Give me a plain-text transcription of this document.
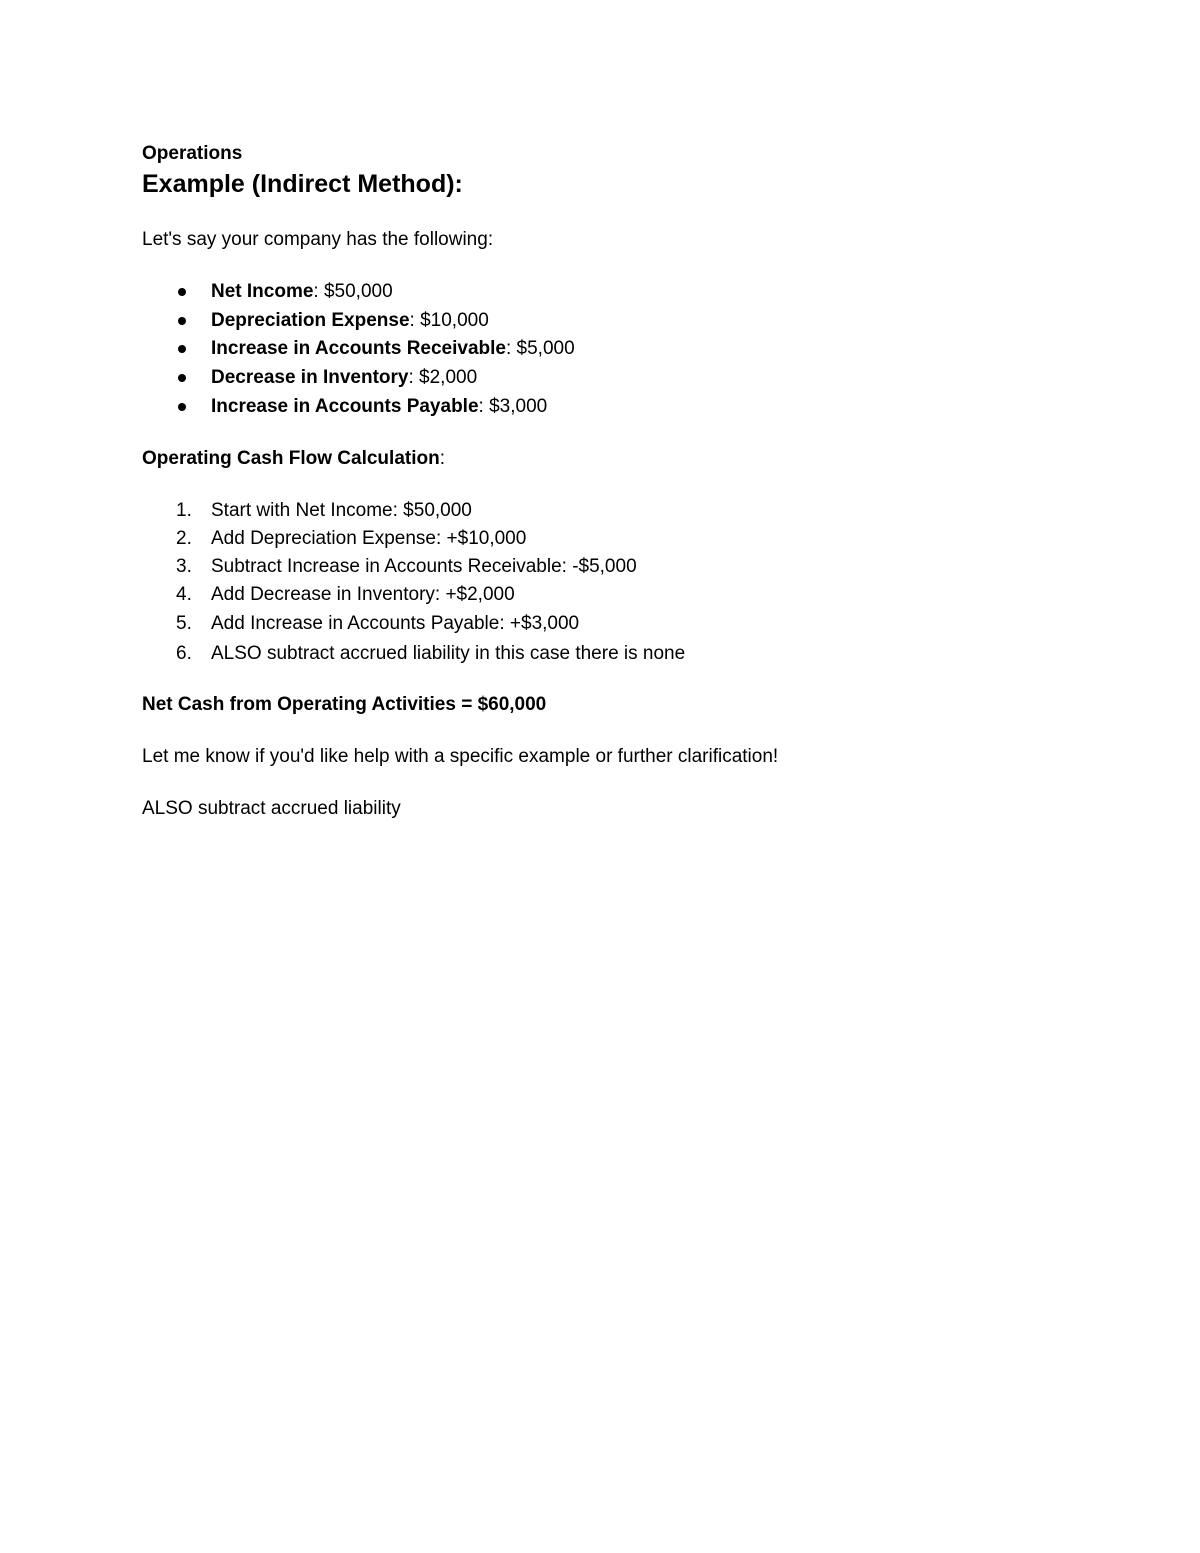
Operations
Example (Indirect Method):
Let's say your company has the following:
Net Income: $50,000
Depreciation Expense: $10,000
Increase in Accounts Receivable: $5,000
Decrease in Inventory: $2,000
Increase in Accounts Payable: $3,000
Operating Cash Flow Calculation:
1.	Start with Net Income: $50,000
2.	Add Depreciation Expense: +$10,000
3.	Subtract Increase in Accounts Receivable: -$5,000
4.	Add Decrease in Inventory: +$2,000
5.	Add Increase in Accounts Payable: +$3,000
6.	ALSO subtract accrued liability in this case there is none
Net Cash from Operating Activities = $60,000
Let me know if you'd like help with a specific example or further clarification!
ALSO subtract accrued liability
